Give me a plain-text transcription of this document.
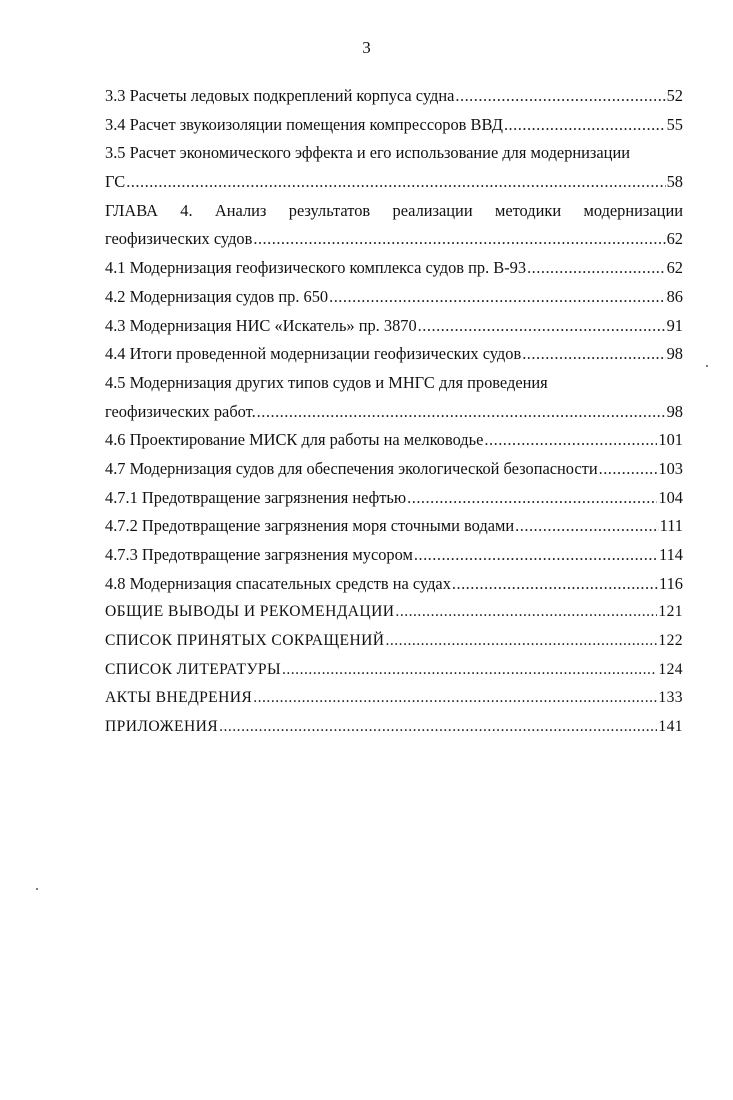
3
3.3 Расчеты ледовых подкреплений корпуса судна .....	52
3.4 Расчет звукоизоляции помещения компрессоров ВВД .....	55
3.5 Расчет экономического эффекта и его использование для модернизации
ГС .....	58
ГЛАВА 4. Анализ результатов реализации методики модернизации
геофизических судов .....	62
4.1 Модернизация геофизического комплекса судов пр. В-93 .....	62
4.2 Модернизация судов пр. 650 .....	86
4.3 Модернизация НИС «Искатель» пр. 3870 .....	91
4.4 Итоги проведенной модернизации геофизических судов .....	98
4.5 Модернизация других типов судов и МНГС для проведения
геофизических работ. .....	98
4.6 Проектирование МИСК для работы на мелководье .....	101
4.7 Модернизация судов для обеспечения экологической безопасности .....	103
4.7.1 Предотвращение загрязнения нефтью .....	104
4.7.2 Предотвращение загрязнения моря сточными водами .....	111
4.7.3 Предотвращение загрязнения мусором .....	114
4.8 Модернизация спасательных средств на судах .....	116
ОБЩИЕ ВЫВОДЫ И РЕКОМЕНДАЦИИ .....	121
СПИСОК ПРИНЯТЫХ СОКРАЩЕНИЙ .....	122
СПИСОК ЛИТЕРАТУРЫ .....	124
АКТЫ ВНЕДРЕНИЯ .....	133
ПРИЛОЖЕНИЯ .....	141
